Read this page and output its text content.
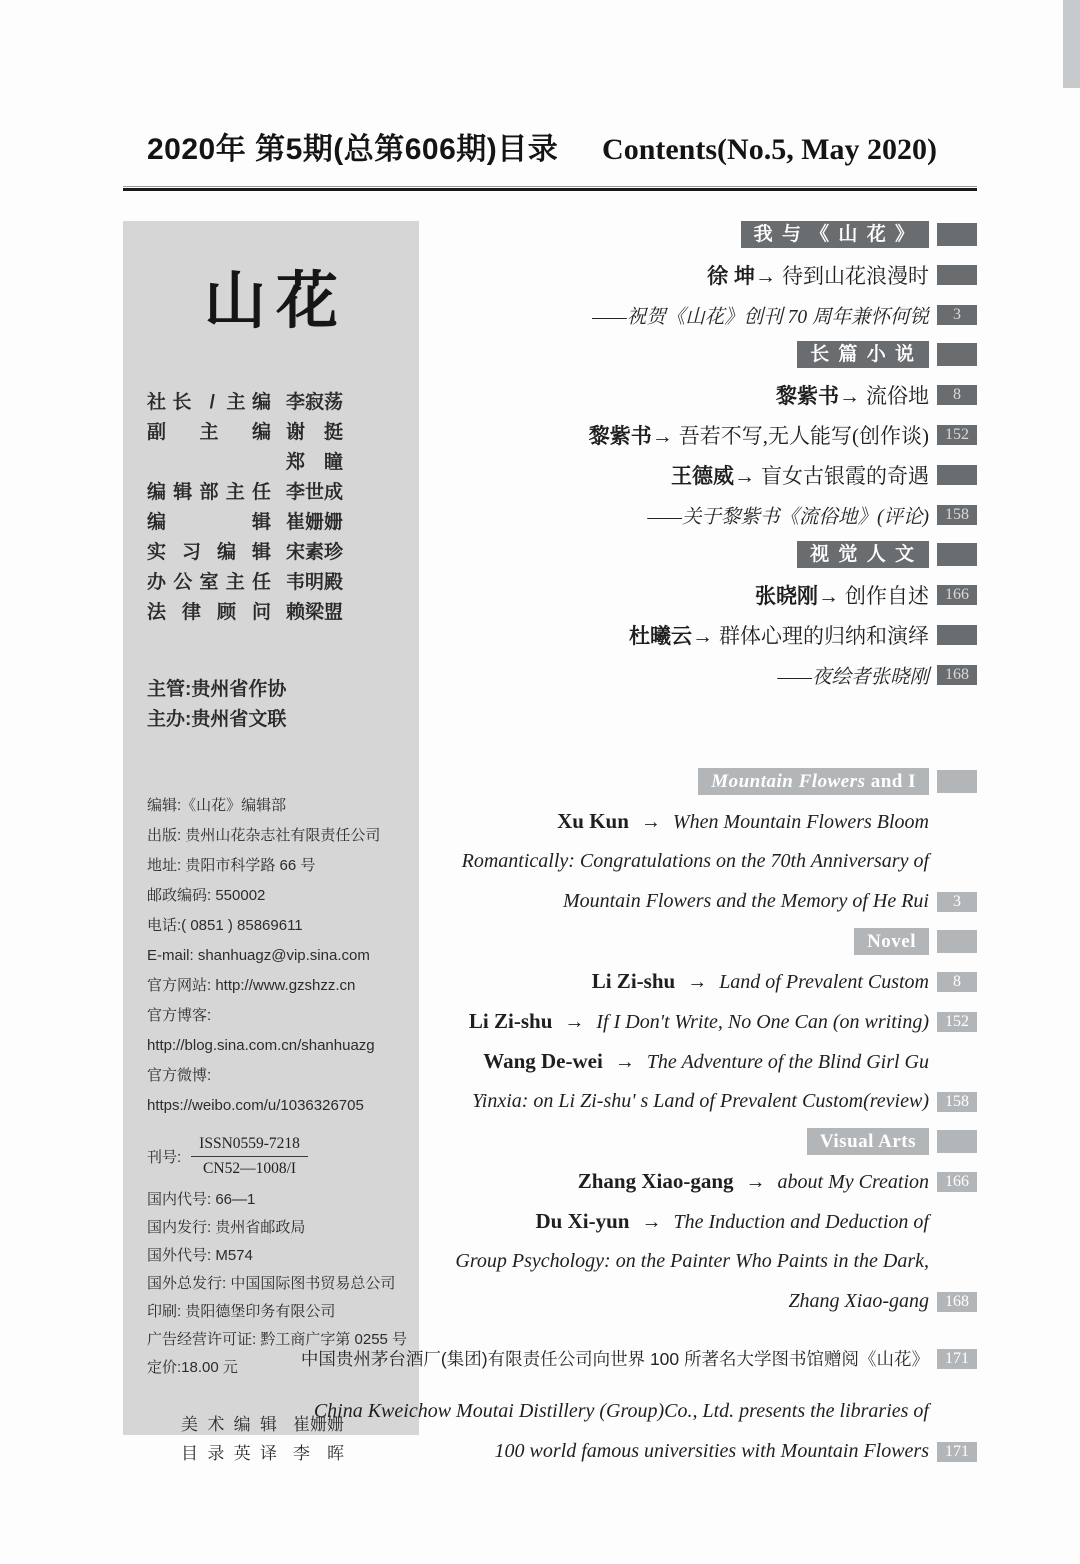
2020年 第5期(总第606期)目录 Contents(No.5, May 2020)
山花
社长 / 主编 李寂荡
副 主 编 谢　挺
郑　瞳
编辑部主任 李世成
编 辑 崔姗姗
实 习 编 辑 宋素珍
办公室主任 韦明殿
法 律 顾 问 赖梁盟
主管:贵州省作协
主办:贵州省文联
编辑:《山花》编辑部
出版: 贵州山花杂志社有限责任公司
地址: 贵阳市科学路 66 号
邮政编码: 550002
电话:( 0851 ) 85869611
E-mail: shanhuagz@vip.sina.com
官方网站: http://www.gzshzz.cn
官方博客: http://blog.sina.com.cn/shanhuazg
官方微博: https://weibo.com/u/1036326705
刊号: $\frac{\text{ISSN0559-7218}}{CN52—1008/I}$
国内代号: 66—1
国内发行: 贵州省邮政局
国外代号: M574
国外总发行: 中国国际图书贸易总公司
印刷: 贵阳德堡印务有限公司
广告经营许可证: 黔工商广字第 0255 号
定价:18.00 元
美 术 编 辑 崔姗姗
目 录 英 译 李　晖
我 与 《 山 花 》
徐 坤→ 待到山花浪漫时
——祝贺《山花》创刊 70 周年兼怀何锐	3
长 篇 小 说
黎紫书→ 流俗地	8
黎紫书→ 吾若不写,无人能写(创作谈)	152
王德威→ 盲女古银霞的奇遇
——关于黎紫书《流俗地》(评论)	158
视 觉 人 文
张晓刚→ 创作自述	166
杜曦云→ 群体心理的归纳和演绎
——夜绘者张晓刚	168
Mountain Flowers and I
Xu Kun → When Mountain Flowers Bloom
Romantically: Congratulations on the 70th Anniversary of
Mountain Flowers and the Memory of He Rui	3
Novel
Li Zi-shu → Land of Prevalent Custom	8
Li Zi-shu → If I Don't Write, No One Can (on writing)	152
Wang De-wei → The Adventure of the Blind Girl Gu
Yinxia: on Li Zi-shu' s Land of Prevalent Custom(review)	158
Visual Arts
Zhang Xiao-gang → about My Creation	166
Du Xi-yun → The Induction and Deduction of
Group Psychology: on the Painter Who Paints in the Dark,
Zhang Xiao-gang	168
中国贵州茅台酒厂(集团)有限责任公司向世界 100 所著名大学图书馆赠阅《山花》	171
China Kweichow Moutai Distillery (Group)Co., Ltd. presents the libraries of
100 world famous universities with Mountain Flowers	171
